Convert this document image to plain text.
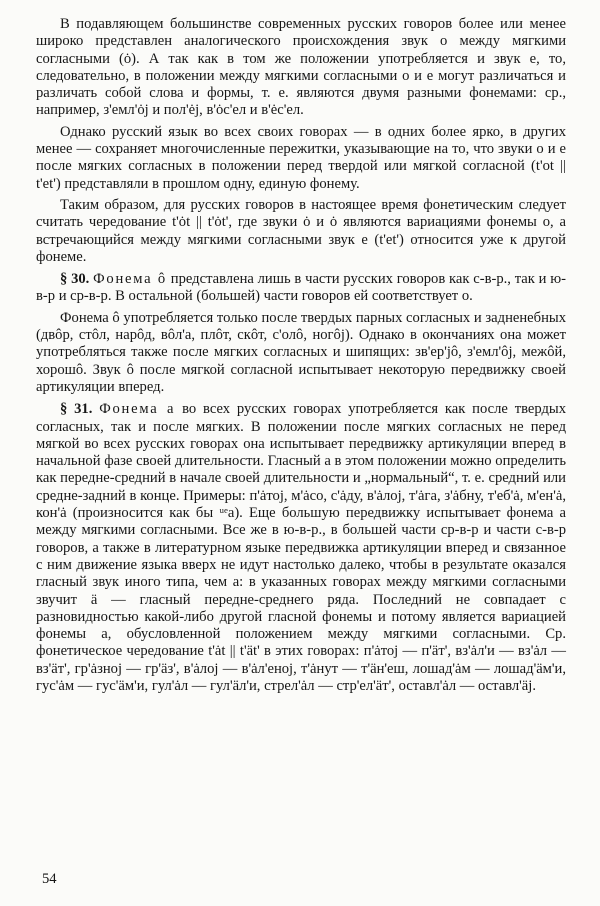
В подавляющем большинстве современных русских говоров более или менее широко представлен аналогического происхождения звук о между мягкими согласными (ȯ). А так как в том же положении употребляется и звук е, то, следовательно, в положении между мягкими согласными о и е могут различаться и различать собой слова и формы, т. е. являются двумя разными фонемами: ср., например, з'емл'ȯј и пол'ėј, в'ȯс'ел и в'ėс'ел.

Однако русский язык во всех своих говорах — в одних более ярко, в других менее — сохраняет многочисленные пережитки, указывающие на то, что звуки о и е после мягких согласных в положении перед твердой или мягкой согласной (t'ot || t'et') представляли в прошлом одну, единую фонему.

Таким образом, для русских говоров в настоящее время фонетическим следует считать чередование t'ȯt || t'ȯt', где звуки ȯ и ȯ являются вариациями фонемы о, а встречающийся между мягкими согласными звук е (t'et') относится уже к другой фонеме.

§ 30. Фонема ô представлена лишь в части русских говоров как с-в-р., так и ю-в-р и ср-в-р. В остальной (большей) части говоров ей соответствует о.

Фонема ô употребляется только после твердых парных согласных и задненебных (двôр, стôл, нарôд, вôл'а, плôт, скôт, с'олô, ногôј). Однако в окончаниях она может употребляться также после мягких согласных и шипящих: зв'ер'јô, з'емл'ôј, межôй, хорошô. Звук ô после мягкой согласной испытывает некоторую передвижку своей артикуляции вперед.

§ 31. Фонема а во всех русских говорах употребляется как после твердых согласных, так и после мягких. В положении после мягких согласных не перед мягкой во всех русских говорах она испытывает передвижку артикуляции вперед в начальной фазе своей длительности. Гласный а в этом положении можно определить как передне-средний в начале своей длительности и „нормальный“, т. е. средний или средне-задний в конце. Примеры: п'ȧтој, м'ȧсо, с'ȧду, в'ȧлој, т'ȧга, з'ȧбну, т'еб'ȧ, м'ен'ȧ, кон'ȧ (произносится как бы ᵘᵉа). Еще большую передвижку испытывает фонема а между мягкими согласными. Все же в ю-в-р., в большей части ср-в-р и части с-в-р говоров, а также в литературном языке передвижка артикуляции вперед и связанное с ним движение языка вверх не идут настолько далеко, чтобы в результате оказался гласный звук иного типа, чем а: в указанных говорах между мягкими согласными звучит ä — гласный передне-среднего ряда. Последний не совпадает с разновидностью какой-либо другой гласной фонемы и потому является вариацией фонемы а, обусловленной положением между мягкими согласными. Ср. фонетическое чередование t'ȧt || t'ät' в этих говорах: п'ȧтој — п'äт', вз'ȧл'и — вз'ȧл — вз'äт', гр'ȧзној — гр'äз', в'ȧлој — в'ȧл'еној, т'ȧнут — т'ӓн'еш, лошад'ȧм — лошад'ӓм'и, гус'ȧм — гус'ӓм'и, гул'ȧл — гул'ӓл'и, стрел'ȧл — стр'ел'ӓт', оставл'ȧл — оставл'ӓј.

54
